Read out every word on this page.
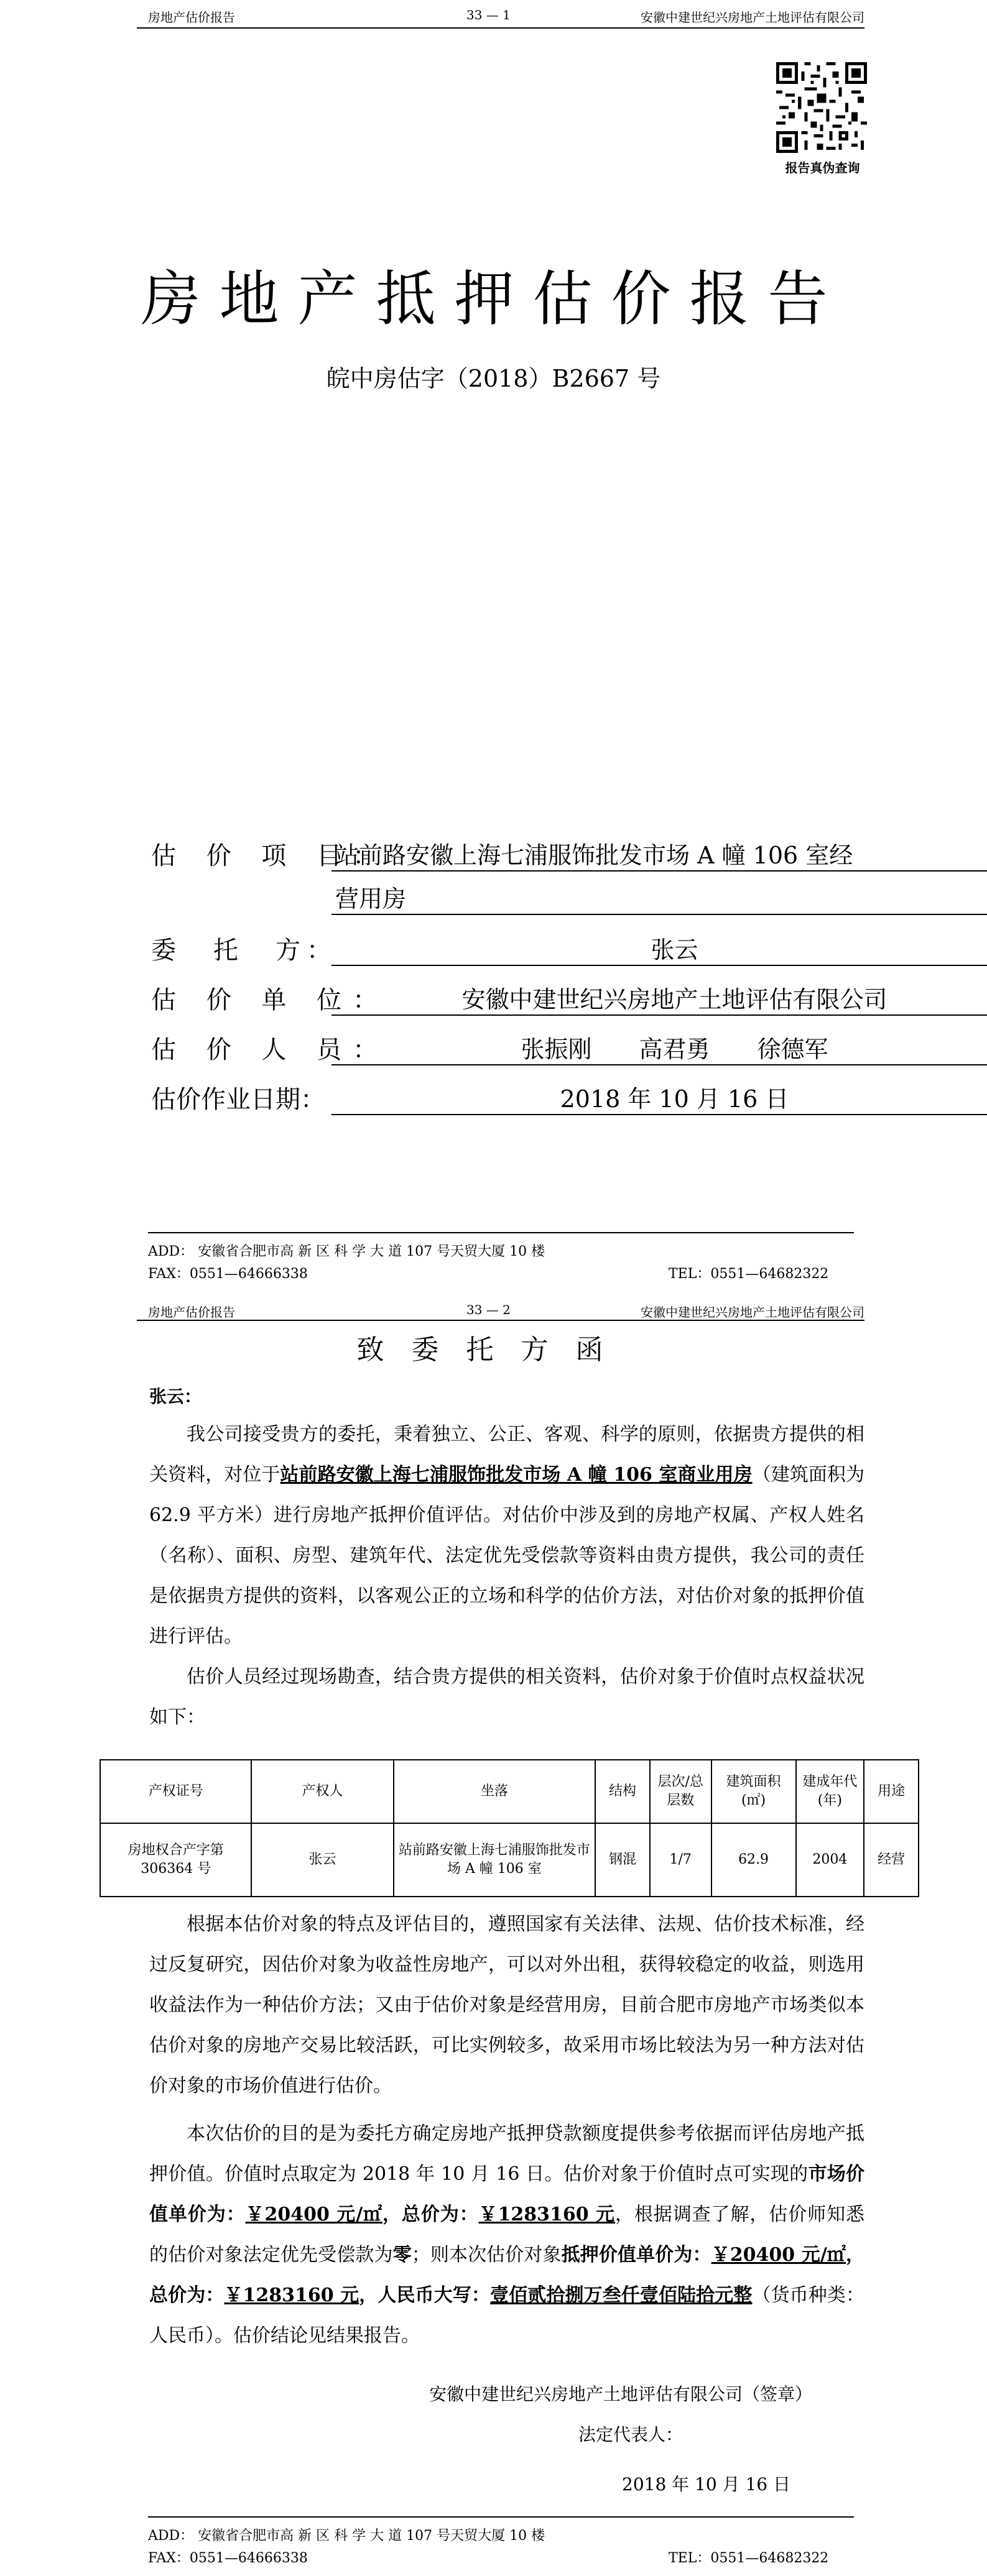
房地产估价报告	33 — 1	安徽中建世纪兴房地产土地评估有限公司
报告真伪查询
房地产抵押估价报告
皖中房估字（2018）B2667 号
估 价 项 目：
站前路安徽上海七浦服饰批发市场 A 幢 106 室经
营用房
委　托　方：	张云
估 价 单 位：	安徽中建世纪兴房地产土地评估有限公司
估 价 人 员：	张振刚　　高君勇　　徐德军
估价作业日期：	2018 年 10 月 16 日
ADD： 安徽省合肥市高 新 区 科 学 大 道 107 号天贸大厦 10 楼
FAX：0551—64666338	TEL：0551—64682322
房地产估价报告	33 — 2	安徽中建世纪兴房地产土地评估有限公司
致委托方函
张云：
我公司接受贵方的委托，秉着独立、公正、客观、科学的原则，依据贵方提供的相关资料，对位于站前路安徽上海七浦服饰批发市场 A 幢 106 室商业用房（建筑面积为 62.9 平方米）进行房地产抵押价值评估。对估价中涉及到的房地产权属、产权人姓名（名称）、面积、房型、建筑年代、法定优先受偿款等资料由贵方提供，我公司的责任是依据贵方提供的资料，以客观公正的立场和科学的估价方法，对估价对象的抵押价值进行评估。
估价人员经过现场勘查，结合贵方提供的相关资料，估价对象于价值时点权益状况如下：
产权证号	产权人	坐落	结构	层次/总层数	建筑面积(㎡)	建成年代(年)	用途
房地权合产字第 306364 号	张云	站前路安徽上海七浦服饰批发市场 A 幢 106 室	钢混	1/7	62.9	2004	经营
根据本估价对象的特点及评估目的，遵照国家有关法律、法规、估价技术标准，经过反复研究，因估价对象为收益性房地产，可以对外出租，获得较稳定的收益，则选用收益法作为一种估价方法；又由于估价对象是经营用房，目前合肥市房地产市场类似本估价对象的房地产交易比较活跃，可比实例较多，故采用市场比较法为另一种方法对估价对象的市场价值进行估价。
本次估价的目的是为委托方确定房地产抵押贷款额度提供参考依据而评估房地产抵押价值。价值时点取定为 2018 年 10 月 16 日。估价对象于价值时点可实现的市场价值单价为：￥20400 元/㎡，总价为：￥1283160 元，根据调查了解，估价师知悉的估价对象法定优先受偿款为零；则本次估价对象抵押价值单价为：￥20400 元/㎡，总价为：￥1283160 元，人民币大写：壹佰贰拾捌万叁仟壹佰陆拾元整（货币种类：人民币）。估价结论见结果报告。
安徽中建世纪兴房地产土地评估有限公司（签章）
法定代表人：
2018 年 10 月 16 日
ADD： 安徽省合肥市高 新 区 科 学 大 道 107 号天贸大厦 10 楼
FAX：0551—64666338	TEL：0551—64682322
